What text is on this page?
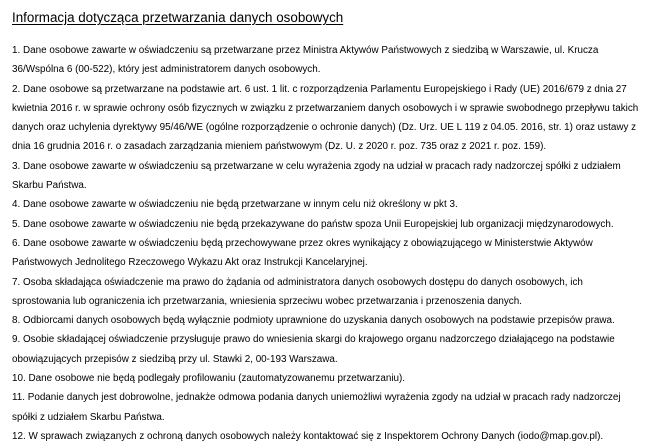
Informacja dotycząca przetwarzania danych osobowych

1. Dane osobowe zawarte w oświadczeniu są przetwarzane przez Ministra Aktywów Państwowych z siedzibą w Warszawie, ul. Krucza 36/Wspólna 6 (00-522), który jest administratorem danych osobowych.

2. Dane osobowe są przetwarzane na podstawie art. 6 ust. 1 lit. c rozporządzenia Parlamentu Europejskiego i Rady (UE) 2016/679 z dnia 27 kwietnia 2016 r. w sprawie ochrony osób fizycznych w związku z przetwarzaniem danych osobowych i w sprawie swobodnego przepływu takich danych oraz uchylenia dyrektywy 95/46/WE (ogólne rozporządzenie o ochronie danych) (Dz. Urz. UE L 119 z 04.05. 2016, str. 1) oraz ustawy z dnia 16 grudnia 2016 r. o zasadach zarządzania mieniem państwowym (Dz. U. z 2020 r. poz. 735 oraz z 2021 r. poz. 159).

3. Dane osobowe zawarte w oświadczeniu są przetwarzane w celu wyrażenia zgody na udział w pracach rady nadzorczej spółki z udziałem Skarbu Państwa.

4. Dane osobowe zawarte w oświadczeniu nie będą przetwarzane w innym celu niż określony w pkt 3.

5. Dane osobowe zawarte w oświadczeniu nie będą przekazywane do państw spoza Unii Europejskiej lub organizacji międzynarodowych.

6. Dane osobowe zawarte w oświadczeniu będą przechowywane przez okres wynikający z obowiązującego w Ministerstwie Aktywów Państwowych Jednolitego Rzeczowego Wykazu Akt oraz Instrukcji Kancelaryjnej.

7. Osoba składająca oświadczenie ma prawo do żądania od administratora danych osobowych dostępu do danych osobowych, ich sprostowania lub ograniczenia ich przetwarzania, wniesienia sprzeciwu wobec przetwarzania i przenoszenia danych.

8. Odbiorcami danych osobowych będą wyłącznie podmioty uprawnione do uzyskania danych osobowych na podstawie przepisów prawa.

9. Osobie składającej oświadczenie przysługuje prawo do wniesienia skargi do krajowego organu nadzorczego działającego na podstawie obowiązujących przepisów z siedzibą przy ul. Stawki 2, 00-193 Warszawa.

10. Dane osobowe nie będą podlegały profilowaniu (zautomatyzowanemu przetwarzaniu).

11. Podanie danych jest dobrowolne, jednakże odmowa podania danych uniemożliwi wyrażenia zgody na udział w pracach rady nadzorczej spółki z udziałem Skarbu Państwa.

12. W sprawach związanych z ochroną danych osobowych należy kontaktować się z Inspektorem Ochrony Danych (iodo@map.gov.pl).
